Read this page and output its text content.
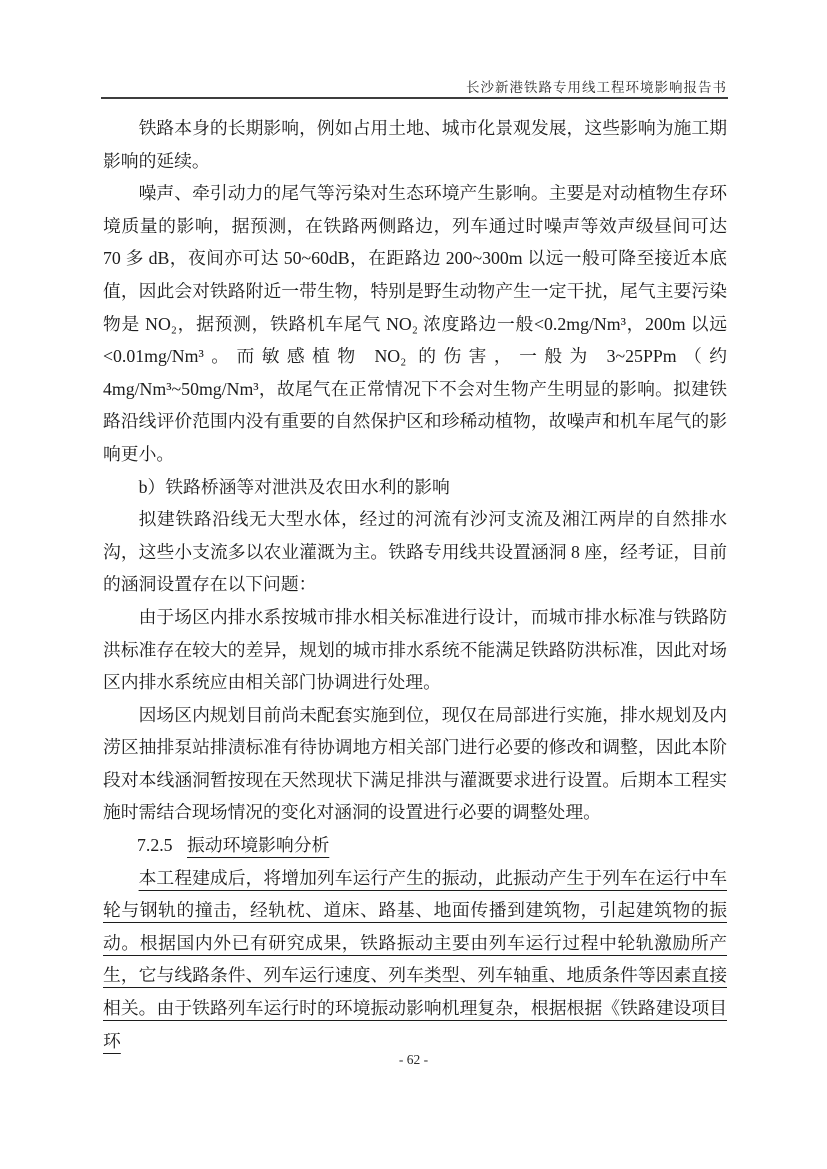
长沙新港铁路专用线工程环境影响报告书

铁路本身的长期影响，例如占用土地、城市化景观发展，这些影响为施工期影响的延续。

噪声、牵引动力的尾气等污染对生态环境产生影响。主要是对动植物生存环境质量的影响，据预测，在铁路两侧路边，列车通过时噪声等效声级昼间可达 70 多 dB，夜间亦可达 50~60dB，在距路边 200~300m 以远一般可降至接近本底值，因此会对铁路附近一带生物，特别是野生动物产生一定干扰，尾气主要污染物是 NO₂，据预测，铁路机车尾气 NO₂ 浓度路边一般<0.2mg/Nm³，200m 以远<0.01mg/Nm³。而敏感植物 NO₂ 的伤害，一般为 3~25PPm（约 4mg/Nm³~50mg/Nm³，故尾气在正常情况下不会对生物产生明显的影响。拟建铁路沿线评价范围内没有重要的自然保护区和珍稀动植物，故噪声和机车尾气的影响更小。

b）铁路桥涵等对泄洪及农田水利的影响

拟建铁路沿线无大型水体，经过的河流有沙河支流及湘江两岸的自然排水沟，这些小支流多以农业灌溉为主。铁路专用线共设置涵洞 8 座，经考证，目前的涵洞设置存在以下问题：

由于场区内排水系按城市排水相关标准进行设计，而城市排水标准与铁路防洪标准存在较大的差异，规划的城市排水系统不能满足铁路防洪标准，因此对场区内排水系统应由相关部门协调进行处理。

因场区内规划目前尚未配套实施到位，现仅在局部进行实施，排水规划及内涝区抽排泵站排渍标准有待协调地方相关部门进行必要的修改和调整，因此本阶段对本线涵洞暂按现在天然现状下满足排洪与灌溉要求进行设置。后期本工程实施时需结合现场情况的变化对涵洞的设置进行必要的调整处理。

7.2.5 振动环境影响分析

本工程建成后，将增加列车运行产生的振动，此振动产生于列车在运行中车轮与钢轨的撞击，经轨枕、道床、路基、地面传播到建筑物，引起建筑物的振动。根据国内外已有研究成果，铁路振动主要由列车运行过程中轮轨激励所产生，它与线路条件、列车运行速度、列车类型、列车轴重、地质条件等因素直接相关。由于铁路列车运行时的环境振动影响机理复杂，根据根据《铁路建设项目环

- 62 -
